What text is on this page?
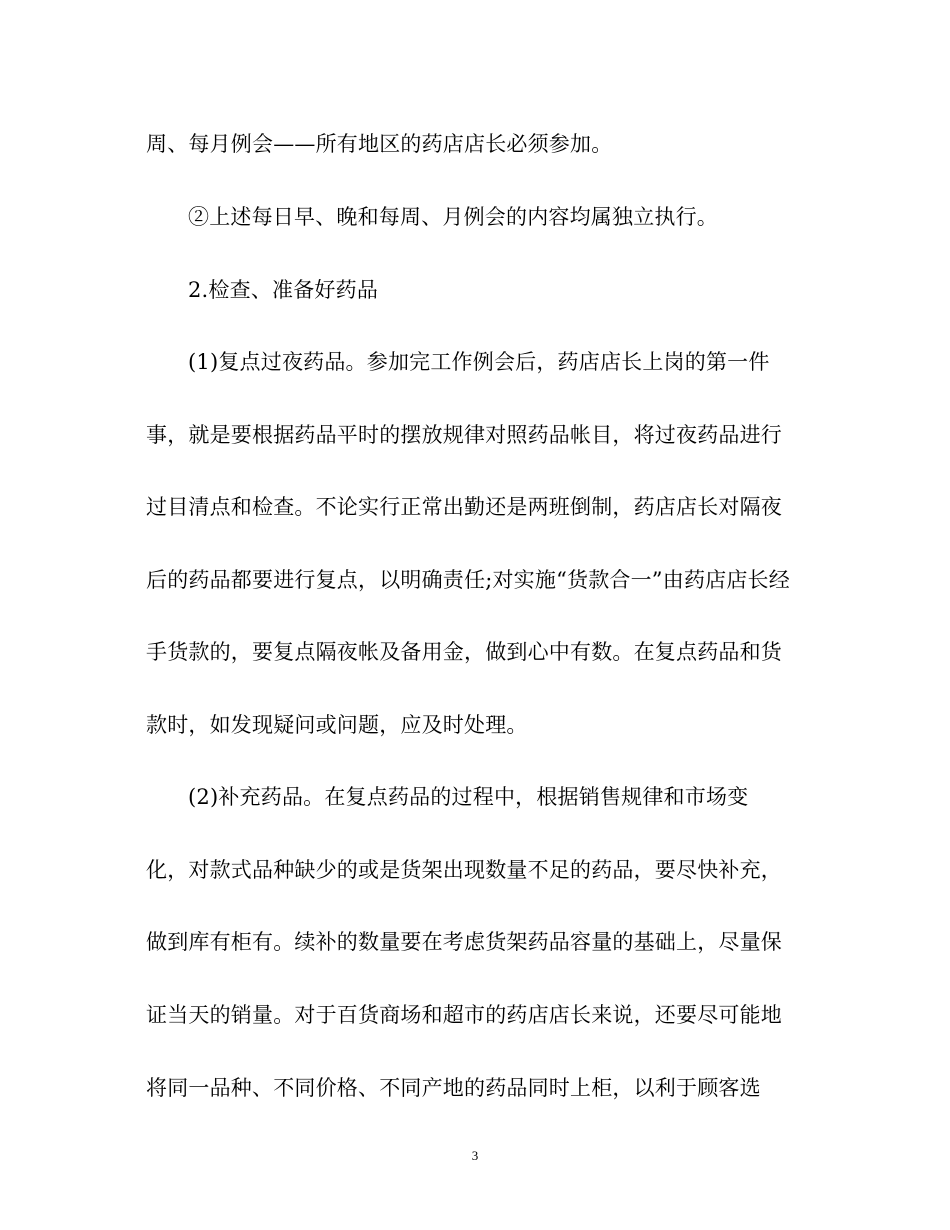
周、每月例会——所有地区的药店店长必须参加。
②上述每日早、晚和每周、月例会的内容均属独立执行。
2.检查、准备好药品
(1)复点过夜药品。参加完工作例会后，药店店长上岗的第一件
事，就是要根据药品平时的摆放规律对照药品帐目，将过夜药品进行
过目清点和检查。不论实行正常出勤还是两班倒制，药店店长对隔夜
后的药品都要进行复点，以明确责任;对实施“货款合一”由药店店长经
手货款的，要复点隔夜帐及备用金，做到心中有数。在复点药品和货
款时，如发现疑问或问题，应及时处理。
(2)补充药品。在复点药品的过程中，根据销售规律和市场变
化，对款式品种缺少的或是货架出现数量不足的药品，要尽快补充，
做到库有柜有。续补的数量要在考虑货架药品容量的基础上，尽量保
证当天的销量。对于百货商场和超市的药店店长来说，还要尽可能地
将同一品种、不同价格、不同产地的药品同时上柜，以利于顾客选
3
